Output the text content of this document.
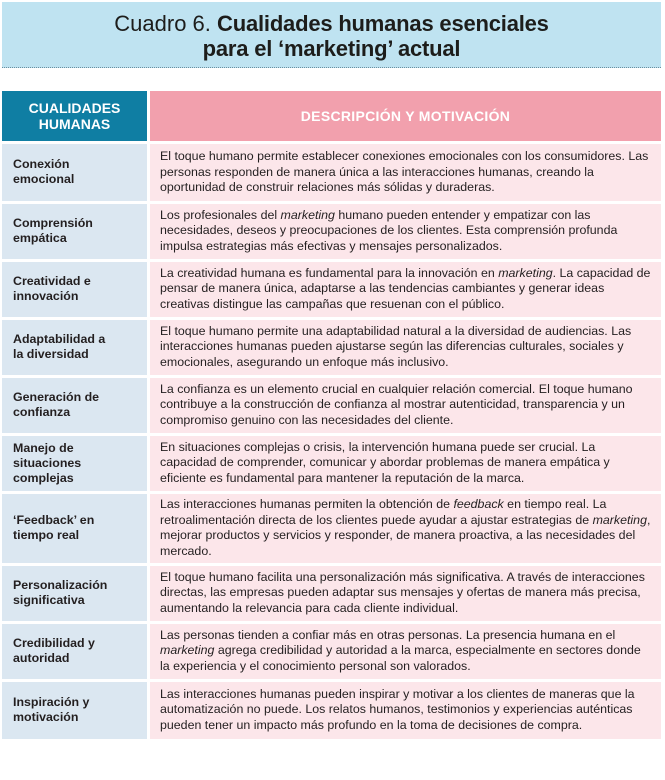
Cuadro 6. Cualidades humanas esenciales
para el ‘marketing’ actual
CUALIDADES
HUMANAS	DESCRIPCIÓN Y MOTIVACIÓN

Conexión emocional	El toque humano permite establecer conexiones emocionales con los consumidores. Las personas responden de manera única a las interacciones humanas, creando la oportunidad de construir relaciones más sólidas y duraderas.

Comprensión empática	Los profesionales del marketing humano pueden entender y empatizar con las necesidades, deseos y preocupaciones de los clientes. Esta comprensión profunda impulsa estrategias más efectivas y mensajes personalizados.

Creatividad e innovación	La creatividad humana es fundamental para la innovación en marketing. La capacidad de pensar de manera única, adaptarse a las tendencias cambiantes y generar ideas creativas distingue las campañas que resuenan con el público.

Adaptabilidad a la diversidad	El toque humano permite una adaptabilidad natural a la diversidad de audiencias. Las interacciones humanas pueden ajustarse según las diferencias culturales, sociales y emocionales, asegurando un enfoque más inclusivo.

Generación de confianza	La confianza es un elemento crucial en cualquier relación comercial. El toque humano contribuye a la construcción de confianza al mostrar autenticidad, transparencia y un compromiso genuino con las necesidades del cliente.

Manejo de situaciones complejas	En situaciones complejas o crisis, la intervención humana puede ser crucial. La capacidad de comprender, comunicar y abordar problemas de manera empática y eficiente es fundamental para mantener la reputación de la marca.

‘Feedback’ en tiempo real	Las interacciones humanas permiten la obtención de feedback en tiempo real. La retroalimentación directa de los clientes puede ayudar a ajustar estrategias de marketing, mejorar productos y servicios y responder, de manera proactiva, a las necesidades del mercado.

Personalización significativa	El toque humano facilita una personalización más significativa. A través de interacciones directas, las empresas pueden adaptar sus mensajes y ofertas de manera más precisa, aumentando la relevancia para cada cliente individual.

Credibilidad y autoridad	Las personas tienden a confiar más en otras personas. La presencia humana en el marketing agrega credibilidad y autoridad a la marca, especialmente en sectores donde la experiencia y el conocimiento personal son valorados.

Inspiración y motivación	Las interacciones humanas pueden inspirar y motivar a los clientes de maneras que la automatización no puede. Los relatos humanos, testimonios y experiencias auténticas pueden tener un impacto más profundo en la toma de decisiones de compra.
